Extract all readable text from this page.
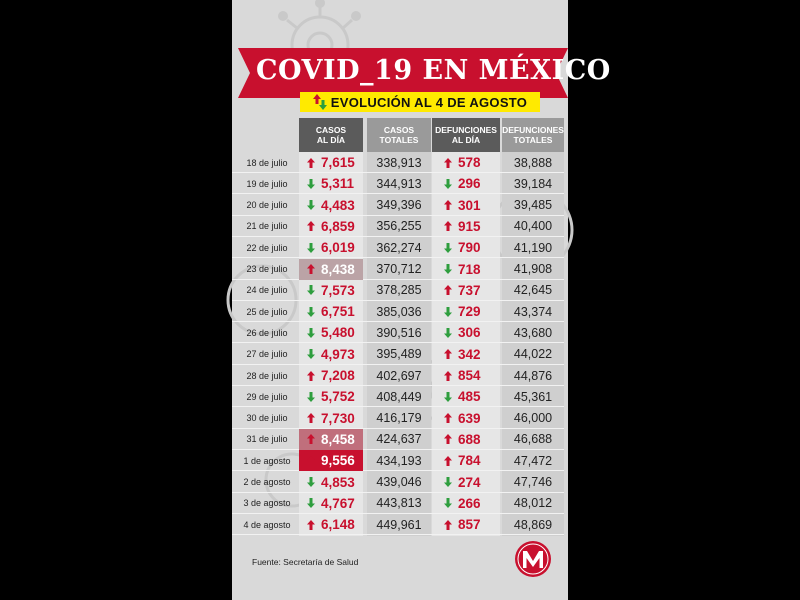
COVID_19 EN MÉXICO
EVOLUCIÓN AL 4 DE AGOSTO
CASOS
AL DÍA
CASOS
TOTALES
DEFUNCIONES
AL DÍA
DEFUNCIONES
TOTALES
18 de julio	7,615	338,913	578	38,888
19 de julio	5,311	344,913	296	39,184
20 de julio	4,483	349,396	301	39,485
21 de julio	6,859	356,255	915	40,400
22 de julio	6,019	362,274	790	41,190
23 de julio	8,438	370,712	718	41,908
24 de julio	7,573	378,285	737	42,645
25 de julio	6,751	385,036	729	43,374
26 de julio	5,480	390,516	306	43,680
27 de julio	4,973	395,489	342	44,022
28 de julio	7,208	402,697	854	44,876
29 de julio	5,752	408,449	485	45,361
30 de julio	7,730	416,179	639	46,000
31 de julio	8,458	424,637	688	46,688
1 de agosto	9,556	434,193	784	47,472
2 de agosto	4,853	439,046	274	47,746
3 de agosto	4,767	443,813	266	48,012
4 de agosto	6,148	449,961	857	48,869
Fuente: Secretaría de Salud
